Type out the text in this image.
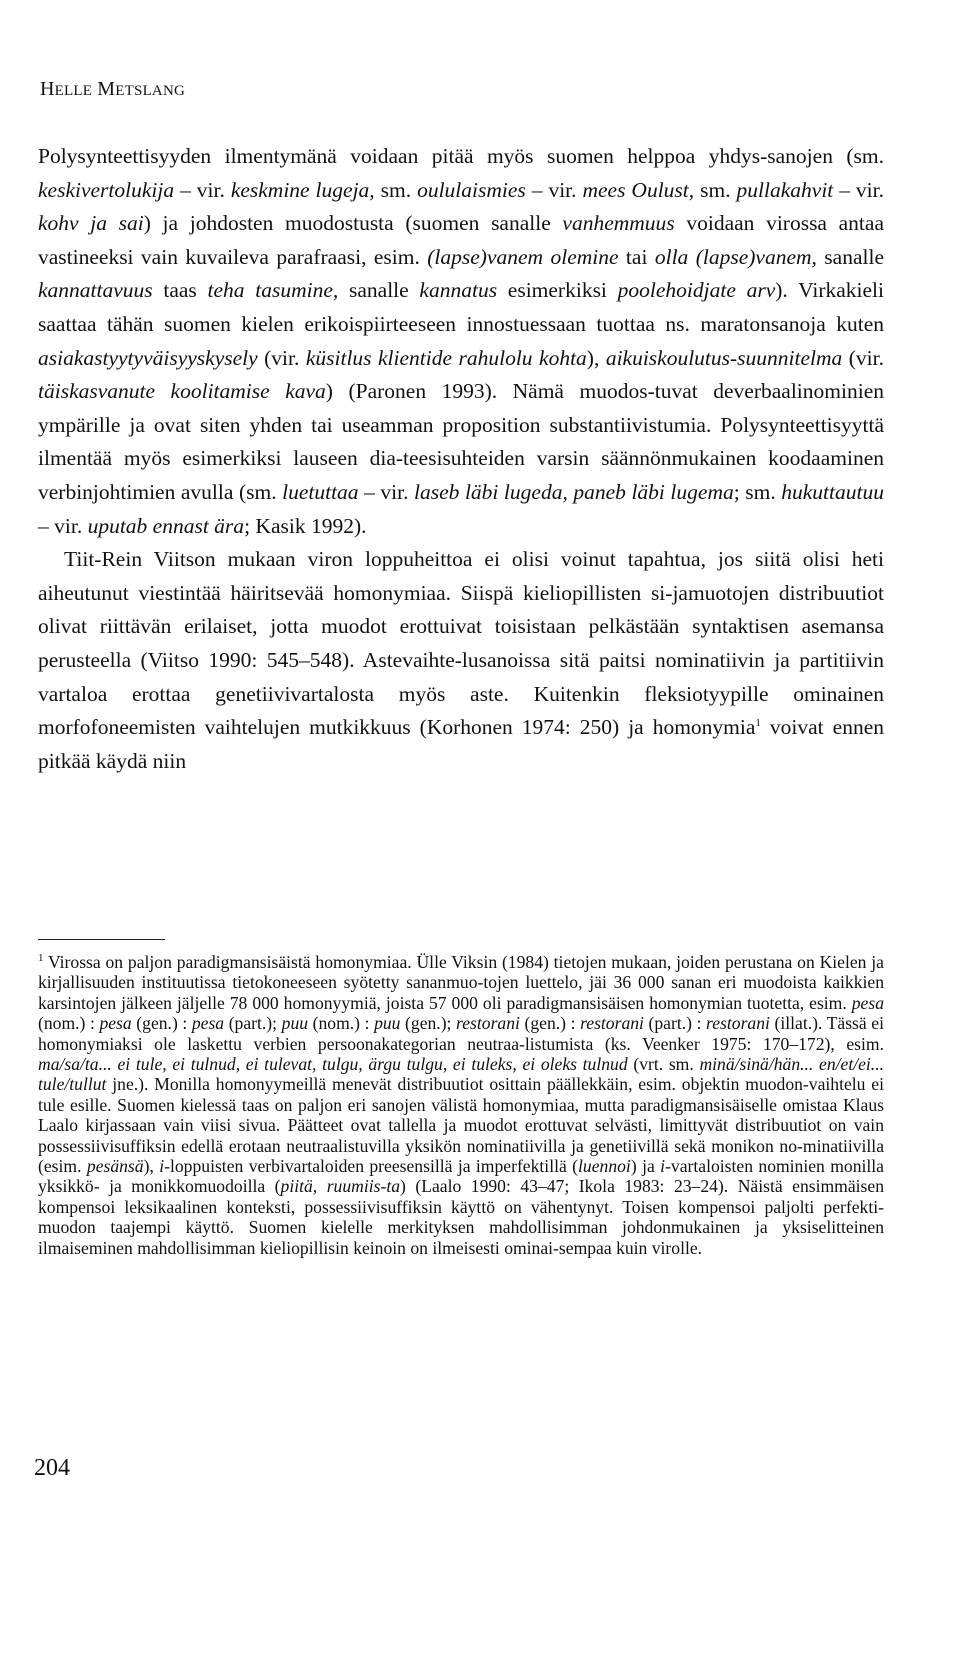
HELLE METSLANG

Polysynteettisyyden ilmentymänä voidaan pitää myös suomen helppoa yhdys-sanojen (sm. keskivertolukija – vir. keskmine lugeja, sm. oululaismies – vir. mees Oulust, sm. pullakahvit – vir. kohv ja sai) ja johdosten muodostusta (suomen sanalle vanhemmuus voidaan virossa antaa vastineeksi vain kuvaileva parafraasi, esim. (lapse)vanem olemine tai olla (lapse)vanem, sanalle kannattavuus taas teha tasumine, sanalle kannatus esimerkiksi poolehoidjate arv). Virkakieli saattaa tähän suomen kielen erikoispiirteeseen innostuessaan tuottaa ns. maratonsanoja kuten asiakastyytyväisyyskysely (vir. küsitlus klientide rahulolu kohta), aikuiskoulutus-suunnitelma (vir. täiskasvanute koolitamise kava) (Paronen 1993). Nämä muodos-tuvat deverbaalinominien ympärille ja ovat siten yhden tai useamman proposition substantiivistumia. Polysynteettisyyttä ilmentää myös esimerkiksi lauseen dia-teesisuhteiden varsin säännönmukainen koodaaminen verbinjohtimien avulla (sm. luetuttaa – vir. laseb läbi lugeda, paneb läbi lugema; sm. hukuttautuu – vir. uputab ennast ära; Kasik 1992).

Tiit-Rein Viitson mukaan viron loppuheittoa ei olisi voinut tapahtua, jos siitä olisi heti aiheutunut viestintää häiritsevää homonymiaa. Siispä kieliopillisten si-jamuotojen distribuutiot olivat riittävän erilaiset, jotta muodot erottuivat toisistaan pelkästään syntaktisen asemansa perusteella (Viitso 1990: 545–548). Astevaihte-lusanoissa sitä paitsi nominatiivin ja partitiivin vartaloa erottaa genetiivivartalosta myös aste. Kuitenkin fleksiotyypille ominainen morfofoneemisten vaihtelujen mutkikkuus (Korhonen 1974: 250) ja homonymia$^1$ voivat ennen pitkää käydä niin

$^1$ Virossa on paljon paradigmansisäistä homonymiaa. Ülle Viksin (1984) tietojen mukaan, joiden perustana on Kielen ja kirjallisuuden instituutissa tietokoneeseen syötetty sananmuo-tojen luettelo, jäi 36 000 sanan eri muodoista kaikkien karsintojen jälkeen jäljelle 78 000 homonyymiä, joista 57 000 oli paradigmansisäisen homonymian tuotetta, esim. pesa (nom.) : pesa (gen.) : pesa (part.); puu (nom.) : puu (gen.); restorani (gen.) : restorani (part.) : restorani (illat.). Tässä ei homonymiaksi ole laskettu verbien persoonakategorian neutraa-listumista (ks. Veenker 1975: 170–172), esim. ma/sa/ta... ei tule, ei tulnud, ei tulevat, tulgu, ärgu tulgu, ei tuleks, ei oleks tulnud (vrt. sm. minä/sinä/hän... en/et/ei... tule/tullut jne.). Monilla homonyymeillä menevät distribuutiot osittain päällekkäin, esim. objektin muodon-vaihtelu ei tule esille. Suomen kielessä taas on paljon eri sanojen välistä homonymiaa, mutta paradigmansisäiselle omistaa Klaus Laalo kirjassaan vain viisi sivua. Päätteet ovat tallella ja muodot erottuvat selvästi, limittyvät distribuutiot on vain possessiivisuffiksin edellä erotaan neutraalistuvilla yksikön nominatiivilla ja genetiivillä sekä monikon no-minatiivilla (esim. pesänsä), i-loppuisten verbivartaloiden preesensillä ja imperfektillä (luennoi) ja i-vartaloisten nominien monilla yksikkö- ja monikkomuodoilla (piitä, ruumiis-ta) (Laalo 1990: 43–47; Ikola 1983: 23–24). Näistä ensimmäisen kompensoi leksikaalinen konteksti, possessiivisuffiksin käyttö on vähentynyt. Toisen kompensoi paljolti perfekti-muodon taajempi käyttö. Suomen kielelle merkityksen mahdollisimman johdonmukainen ja yksiselitteinen ilmaiseminen mahdollisimman kieliopillisin keinoin on ilmeisesti ominai-sempaa kuin virolle.
204
